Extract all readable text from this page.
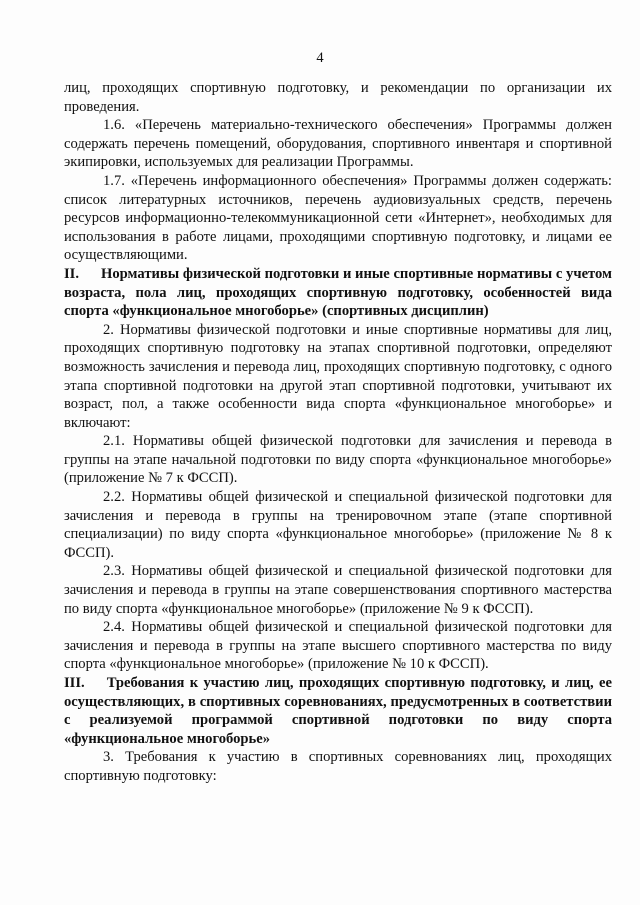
4

лиц, проходящих спортивную подготовку, и рекомендации по организации их проведения.

1.6. «Перечень материально-технического обеспечения» Программы должен содержать перечень помещений, оборудования, спортивного инвентаря и спортивной экипировки, используемых для реализации Программы.

1.7. «Перечень информационного обеспечения» Программы должен содержать: список литературных источников, перечень аудиовизуальных средств, перечень ресурсов информационно-телекоммуникационной сети «Интернет», необходимых для использования в работе лицами, проходящими спортивную подготовку, и лицами ее осуществляющими.

II. Нормативы физической подготовки и иные спортивные нормативы с учетом возраста, пола лиц, проходящих спортивную подготовку, особенностей вида спорта «функциональное многоборье» (спортивных дисциплин)

2. Нормативы физической подготовки и иные спортивные нормативы для лиц, проходящих спортивную подготовку на этапах спортивной подготовки, определяют возможность зачисления и перевода лиц, проходящих спортивную подготовку, с одного этапа спортивной подготовки на другой этап спортивной подготовки, учитывают их возраст, пол, а также особенности вида спорта «функциональное многоборье» и включают:

2.1. Нормативы общей физической подготовки для зачисления и перевода в группы на этапе начальной подготовки по виду спорта «функциональное многоборье» (приложение № 7 к ФССП).

2.2. Нормативы общей физической и специальной физической подготовки для зачисления и перевода в группы на тренировочном этапе (этапе спортивной специализации) по виду спорта «функциональное многоборье» (приложение № 8 к ФССП).

2.3. Нормативы общей физической и специальной физической подготовки для зачисления и перевода в группы на этапе совершенствования спортивного мастерства по виду спорта «функциональное многоборье» (приложение № 9 к ФССП).

2.4. Нормативы общей физической и специальной физической подготовки для зачисления и перевода в группы на этапе высшего спортивного мастерства по виду спорта «функциональное многоборье» (приложение № 10 к ФССП).

III. Требования к участию лиц, проходящих спортивную подготовку, и лиц, ее осуществляющих, в спортивных соревнованиях, предусмотренных в соответствии с реализуемой программой спортивной подготовки по виду спорта «функциональное многоборье»

3. Требования к участию в спортивных соревнованиях лиц, проходящих спортивную подготовку:
